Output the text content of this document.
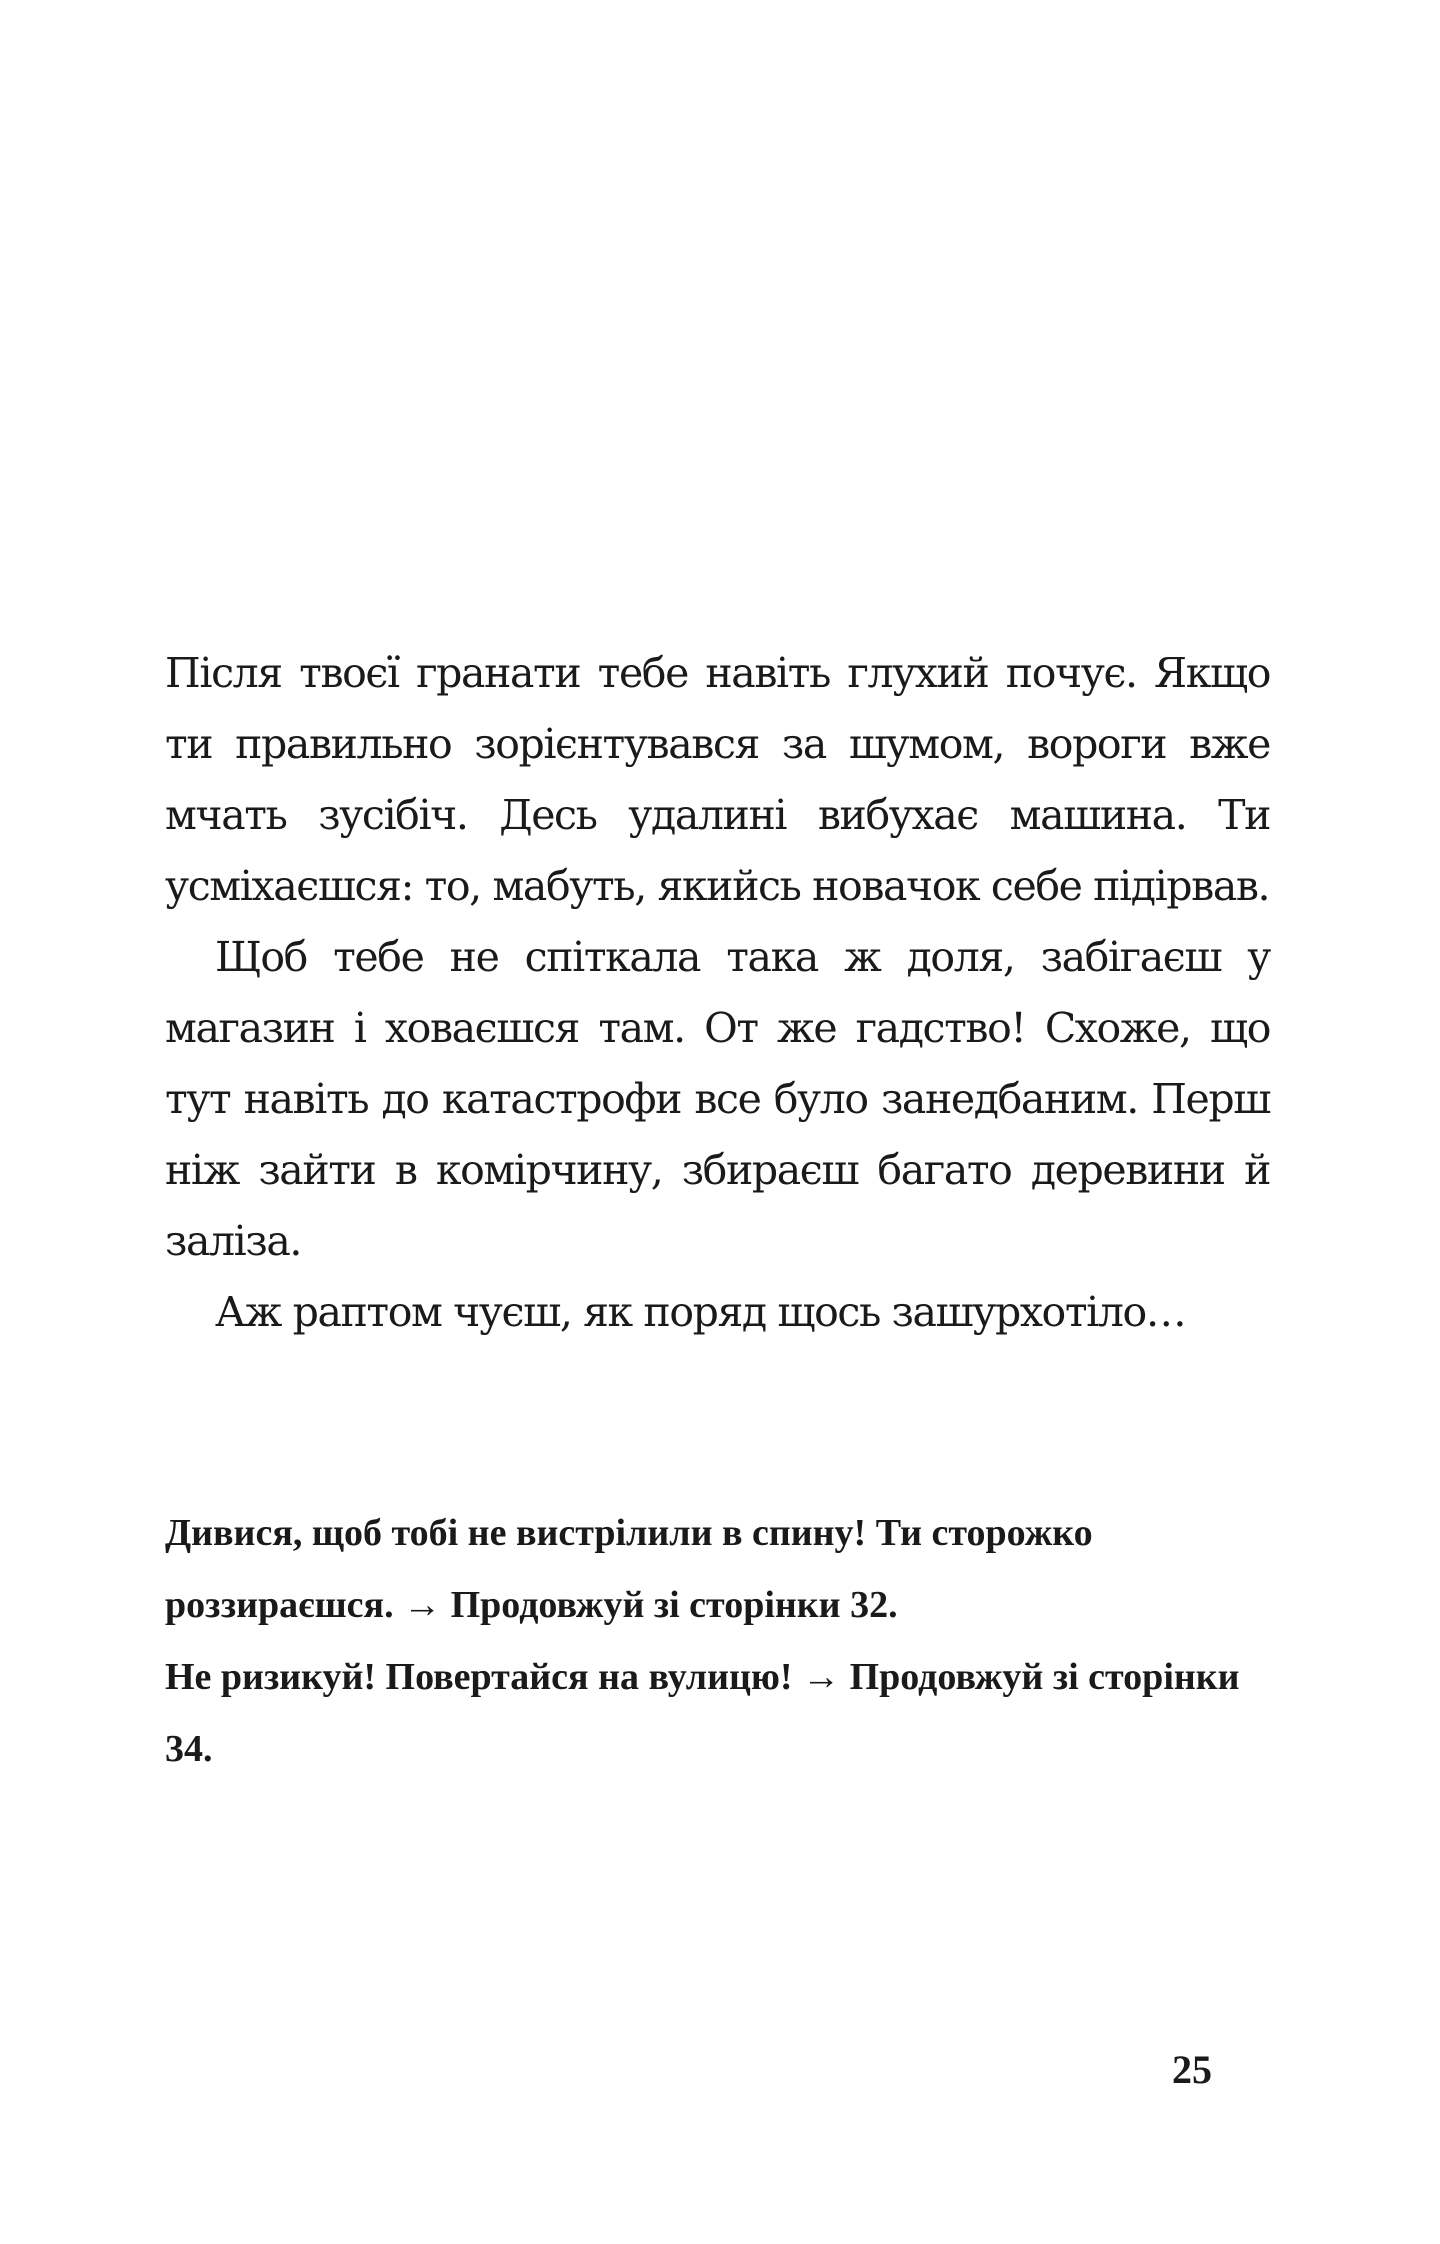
Після твоєї гранати тебе навіть глухий почує. Якщо ти правильно зорієнтувався за шумом, вороги вже мчать зусібіч. Десь удалині вибухає машина. Ти усміхаєшся: то, мабуть, якийсь новачок себе підірвав.

Щоб тебе не спіткала така ж доля, забігаєш у магазин і ховаєшся там. От же гадство! Схоже, що тут навіть до катастрофи все було занедбаним. Перш ніж зайти в комірчину, збираєш багато деревини й заліза.

Аж раптом чуєш, як поряд щось зашурхотіло…

Дивися, щоб тобі не вистрілили в спину! Ти сторожко роззираєшся. → Продовжуй зі сторінки 32.

Не ризикуй! Повертайся на вулицю! → Продовжуй зі сторінки 34.

25
